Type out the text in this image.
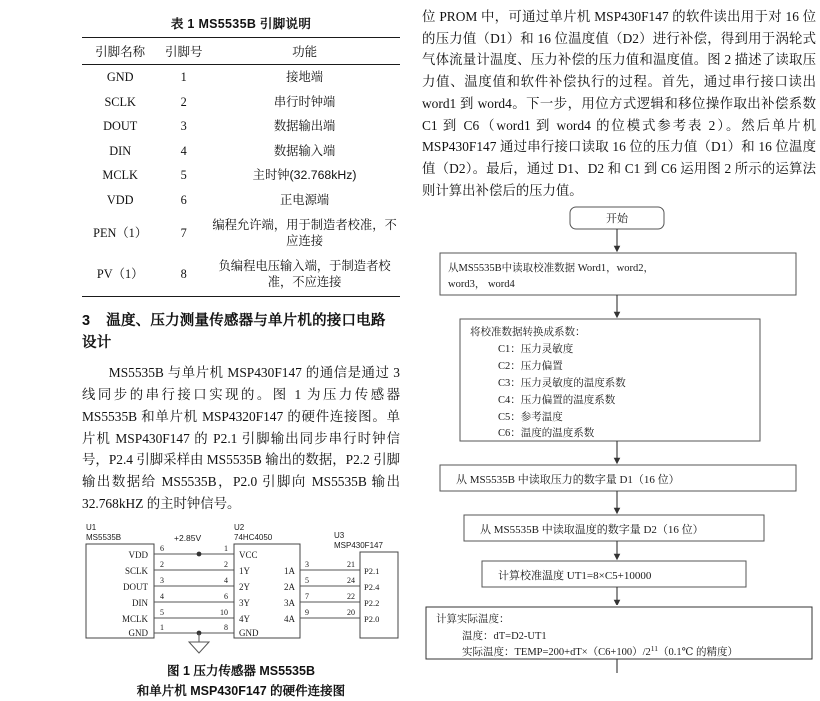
表 1 MS5535B 引脚说明
引脚名称	引脚号	功能
GND	1	接地端
SCLK	2	串行时钟端
DOUT	3	数据输出端
DIN	4	数据输入端
MCLK	5	主时钟(32.768kHz)
VDD	6	正电源端
PEN（1）	7	编程允许端，用于制造者校准，不应连接
PV（1）	8	负编程电压输入端，于制造者校准，不应连接
3 温度、压力测量传感器与单片机的接口电路设计

MS5535B 与单片机 MSP430F147 的通信是通过 3 线同步的串行接口实现的。图 1 为压力传感器 MS5535B 和单片机 MSP4320F147 的硬件连接图。单片机 MSP430F147 的 P2.1 引脚输出同步串行时钟信号，P2.4 引脚采样由 MS5535B 输出的数据，P2.2 引脚输出数据给 MS5535B，P2.0 引脚向 MS5535B 输出 32.768kHZ 的主时钟信号。

U1
MS5535B
VDD
SCLK
DOUT
DIN
MCLK
GND
6
2
3
4
5
1
+2.85V
U2
74HC4050
VCC
1Y
2Y
3Y
4Y
GND
1
2
4
6
10
8
1A
2A
3A
4A
3
5
7
9
U3
MSP430F147
P2.1
P2.4
P2.2
P2.0
21
24
22
20
图 1 压力传感器 MS5535B
和单片机 MSP430F147 的硬件连接图

位 PROM 中，可通过单片机 MSP430F147 的软件读出用于对 16 位的压力值（D1）和 16 位温度值（D2）进行补偿，得到用于涡轮式气体流量计温度、压力补偿的压力值和温度值。图 2 描述了读取压力值、温度值和软件补偿执行的过程。首先，通过串行接口读出 word1 到 word4。下一步，用位方式逻辑和移位操作取出补偿系数 C1 到 C6（word1 到 word4 的位模式参考表 2）。然后单片机 MSP430F147 通过串行接口读取 16 位的压力值（D1）和 16 位温度值（D2）。最后，通过 D1、D2 和 C1 到 C6 运用图 2 所示的运算法则计算出补偿后的压力值。

开始
从MS5535B中读取校准数据 Word1，word2，
word3， word4
将校准数据转换成系数：
C1：压力灵敏度
C2：压力偏置
C3：压力灵敏度的温度系数
C4：压力偏置的温度系数
C5：参考温度
C6：温度的温度系数
从 MS5535B 中读取压力的数字量 D1（16 位）
从 MS5535B 中读取温度的数字量 D2（16 位）
计算校准温度 UT1=8×C5+10000
计算实际温度：
温度：dT=D2-UT1
实际温度：$TEMP=200+dT\times(C6+100)/2^{11}(0.1℃$ 的精度）
